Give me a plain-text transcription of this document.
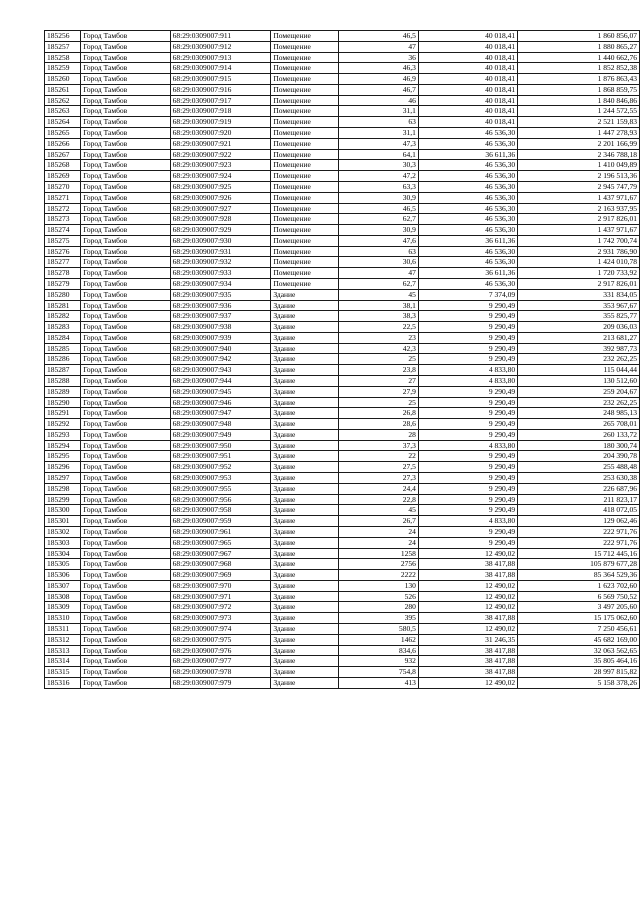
185256	Город Тамбов	68:29:0309007:911	Помещение	46,5	40 018,41	1 860 856,07
185257	Город Тамбов	68:29:0309007:912	Помещение	47	40 018,41	1 880 865,27
185258	Город Тамбов	68:29:0309007:913	Помещение	36	40 018,41	1 440 662,76
185259	Город Тамбов	68:29:0309007:914	Помещение	46,3	40 018,41	1 852 852,38
185260	Город Тамбов	68:29:0309007:915	Помещение	46,9	40 018,41	1 876 863,43
185261	Город Тамбов	68:29:0309007:916	Помещение	46,7	40 018,41	1 868 859,75
185262	Город Тамбов	68:29:0309007:917	Помещение	46	40 018,41	1 840 846,86
185263	Город Тамбов	68:29:0309007:918	Помещение	31,1	40 018,41	1 244 572,55
185264	Город Тамбов	68:29:0309007:919	Помещение	63	40 018,41	2 521 159,83
185265	Город Тамбов	68:29:0309007:920	Помещение	31,1	46 536,30	1 447 278,93
185266	Город Тамбов	68:29:0309007:921	Помещение	47,3	46 536,30	2 201 166,99
185267	Город Тамбов	68:29:0309007:922	Помещение	64,1	36 611,36	2 346 788,18
185268	Город Тамбов	68:29:0309007:923	Помещение	30,3	46 536,30	1 410 049,89
185269	Город Тамбов	68:29:0309007:924	Помещение	47,2	46 536,30	2 196 513,36
185270	Город Тамбов	68:29:0309007:925	Помещение	63,3	46 536,30	2 945 747,79
185271	Город Тамбов	68:29:0309007:926	Помещение	30,9	46 536,30	1 437 971,67
185272	Город Тамбов	68:29:0309007:927	Помещение	46,5	46 536,30	2 163 937,95
185273	Город Тамбов	68:29:0309007:928	Помещение	62,7	46 536,30	2 917 826,01
185274	Город Тамбов	68:29:0309007:929	Помещение	30,9	46 536,30	1 437 971,67
185275	Город Тамбов	68:29:0309007:930	Помещение	47,6	36 611,36	1 742 700,74
185276	Город Тамбов	68:29:0309007:931	Помещение	63	46 536,30	2 931 786,90
185277	Город Тамбов	68:29:0309007:932	Помещение	30,6	46 536,30	1 424 010,78
185278	Город Тамбов	68:29:0309007:933	Помещение	47	36 611,36	1 720 733,92
185279	Город Тамбов	68:29:0309007:934	Помещение	62,7	46 536,30	2 917 826,01
185280	Город Тамбов	68:29:0309007:935	Здание	45	7 374,09	331 834,05
185281	Город Тамбов	68:29:0309007:936	Здание	38,1	9 290,49	353 967,67
185282	Город Тамбов	68:29:0309007:937	Здание	38,3	9 290,49	355 825,77
185283	Город Тамбов	68:29:0309007:938	Здание	22,5	9 290,49	209 036,03
185284	Город Тамбов	68:29:0309007:939	Здание	23	9 290,49	213 681,27
185285	Город Тамбов	68:29:0309007:940	Здание	42,3	9 290,49	392 987,73
185286	Город Тамбов	68:29:0309007:942	Здание	25	9 290,49	232 262,25
185287	Город Тамбов	68:29:0309007:943	Здание	23,8	4 833,80	115 044,44
185288	Город Тамбов	68:29:0309007:944	Здание	27	4 833,80	130 512,60
185289	Город Тамбов	68:29:0309007:945	Здание	27,9	9 290,49	259 204,67
185290	Город Тамбов	68:29:0309007:946	Здание	25	9 290,49	232 262,25
185291	Город Тамбов	68:29:0309007:947	Здание	26,8	9 290,49	248 985,13
185292	Город Тамбов	68:29:0309007:948	Здание	28,6	9 290,49	265 708,01
185293	Город Тамбов	68:29:0309007:949	Здание	28	9 290,49	260 133,72
185294	Город Тамбов	68:29:0309007:950	Здание	37,3	4 833,80	180 300,74
185295	Город Тамбов	68:29:0309007:951	Здание	22	9 290,49	204 390,78
185296	Город Тамбов	68:29:0309007:952	Здание	27,5	9 290,49	255 488,48
185297	Город Тамбов	68:29:0309007:953	Здание	27,3	9 290,49	253 630,38
185298	Город Тамбов	68:29:0309007:955	Здание	24,4	9 290,49	226 687,96
185299	Город Тамбов	68:29:0309007:956	Здание	22,8	9 290,49	211 823,17
185300	Город Тамбов	68:29:0309007:958	Здание	45	9 290,49	418 072,05
185301	Город Тамбов	68:29:0309007:959	Здание	26,7	4 833,80	129 062,46
185302	Город Тамбов	68:29:0309007:961	Здание	24	9 290,49	222 971,76
185303	Город Тамбов	68:29:0309007:965	Здание	24	9 290,49	222 971,76
185304	Город Тамбов	68:29:0309007:967	Здание	1258	12 490,02	15 712 445,16
185305	Город Тамбов	68:29:0309007:968	Здание	2756	38 417,88	105 879 677,28
185306	Город Тамбов	68:29:0309007:969	Здание	2222	38 417,88	85 364 529,36
185307	Город Тамбов	68:29:0309007:970	Здание	130	12 490,02	1 623 702,60
185308	Город Тамбов	68:29:0309007:971	Здание	526	12 490,02	6 569 750,52
185309	Город Тамбов	68:29:0309007:972	Здание	280	12 490,02	3 497 205,60
185310	Город Тамбов	68:29:0309007:973	Здание	395	38 417,88	15 175 062,60
185311	Город Тамбов	68:29:0309007:974	Здание	580,5	12 490,02	7 250 456,61
185312	Город Тамбов	68:29:0309007:975	Здание	1462	31 246,35	45 682 169,00
185313	Город Тамбов	68:29:0309007:976	Здание	834,6	38 417,88	32 063 562,65
185314	Город Тамбов	68:29:0309007:977	Здание	932	38 417,88	35 805 464,16
185315	Город Тамбов	68:29:0309007:978	Здание	754,8	38 417,88	28 997 815,82
185316	Город Тамбов	68:29:0309007:979	Здание	413	12 490,02	5 158 378,26
